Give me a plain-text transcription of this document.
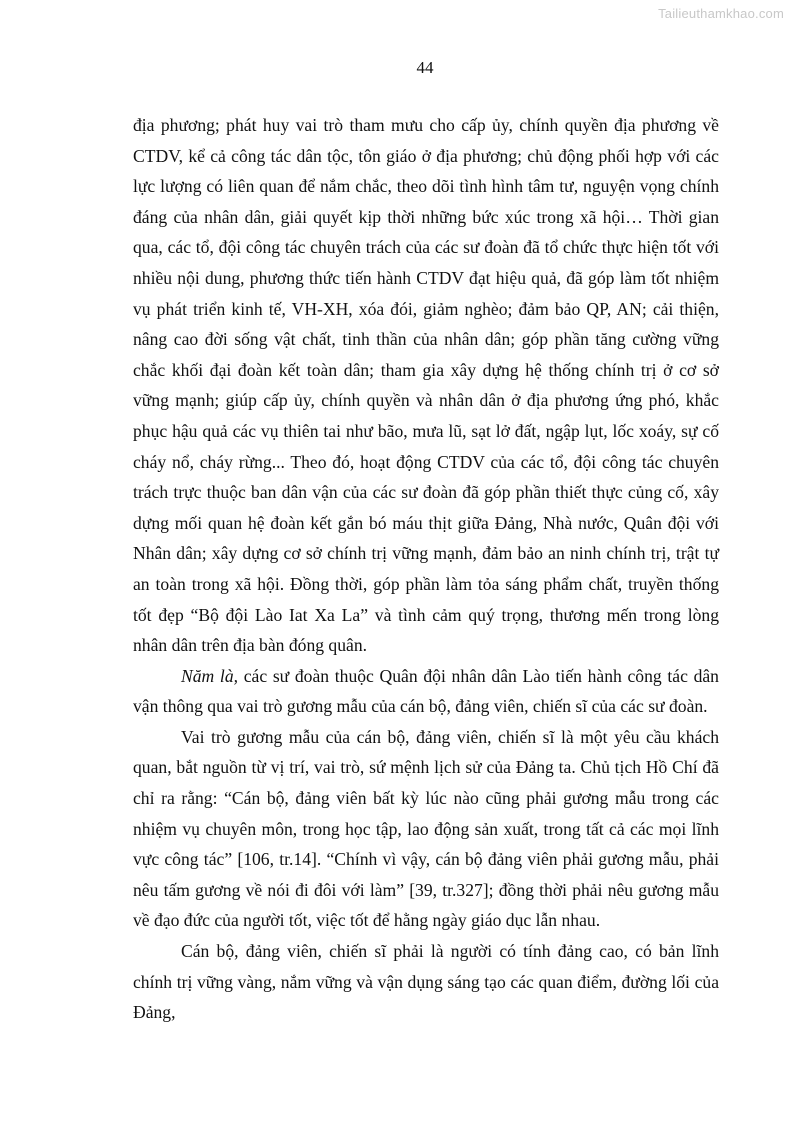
Tailieuthamkhao.com
44

địa phương; phát huy vai trò tham mưu cho cấp ủy, chính quyền địa phương về CTDV, kể cả công tác dân tộc, tôn giáo ở địa phương; chủ động phối hợp với các lực lượng có liên quan để nắm chắc, theo dõi tình hình tâm tư, nguyện vọng chính đáng của nhân dân, giải quyết kịp thời những bức xúc trong xã hội… Thời gian qua, các tổ, đội công tác chuyên trách của các sư đoàn đã tổ chức thực hiện tốt với nhiều nội dung, phương thức tiến hành CTDV đạt hiệu quả, đã góp làm tốt nhiệm vụ phát triển kinh tế, VH-XH, xóa đói, giảm nghèo; đảm bảo QP, AN; cải thiện, nâng cao đời sống vật chất, tinh thần của nhân dân; góp phần tăng cường vững chắc khối đại đoàn kết toàn dân; tham gia xây dựng hệ thống chính trị ở cơ sở vững mạnh; giúp cấp ủy, chính quyền và nhân dân ở địa phương ứng phó, khắc phục hậu quả các vụ thiên tai như bão, mưa lũ, sạt lở đất, ngập lụt, lốc xoáy, sự cố cháy nổ, cháy rừng... Theo đó, hoạt động CTDV của các tổ, đội công tác chuyên trách trực thuộc ban dân vận của các sư đoàn đã góp phần thiết thực củng cố, xây dựng mối quan hệ đoàn kết gắn bó máu thịt giữa Đảng, Nhà nước, Quân đội với Nhân dân; xây dựng cơ sở chính trị vững mạnh, đảm bảo an ninh chính trị, trật tự an toàn trong xã hội. Đồng thời, góp phần làm tỏa sáng phẩm chất, truyền thống tốt đẹp “Bộ đội Lào Iat Xa La” và tình cảm quý trọng, thương mến trong lòng nhân dân trên địa bàn đóng quân.

Năm là, các sư đoàn thuộc Quân đội nhân dân Lào tiến hành công tác dân vận thông qua vai trò gương mẫu của cán bộ, đảng viên, chiến sĩ của các sư đoàn.

Vai trò gương mẫu của cán bộ, đảng viên, chiến sĩ là một yêu cầu khách quan, bắt nguồn từ vị trí, vai trò, sứ mệnh lịch sử của Đảng ta. Chủ tịch Hồ Chí đã chỉ ra rằng: “Cán bộ, đảng viên bất kỳ lúc nào cũng phải gương mẫu trong các nhiệm vụ chuyên môn, trong học tập, lao động sản xuất, trong tất cả các mọi lĩnh vực công tác” [106, tr.14]. “Chính vì vậy, cán bộ đảng viên phải gương mẫu, phải nêu tấm gương về nói đi đôi với làm” [39, tr.327]; đồng thời phải nêu gương mẫu về đạo đức của người tốt, việc tốt để hằng ngày giáo dục lẫn nhau.

Cán bộ, đảng viên, chiến sĩ phải là người có tính đảng cao, có bản lĩnh chính trị vững vàng, nắm vững và vận dụng sáng tạo các quan điểm, đường lối của Đảng,
